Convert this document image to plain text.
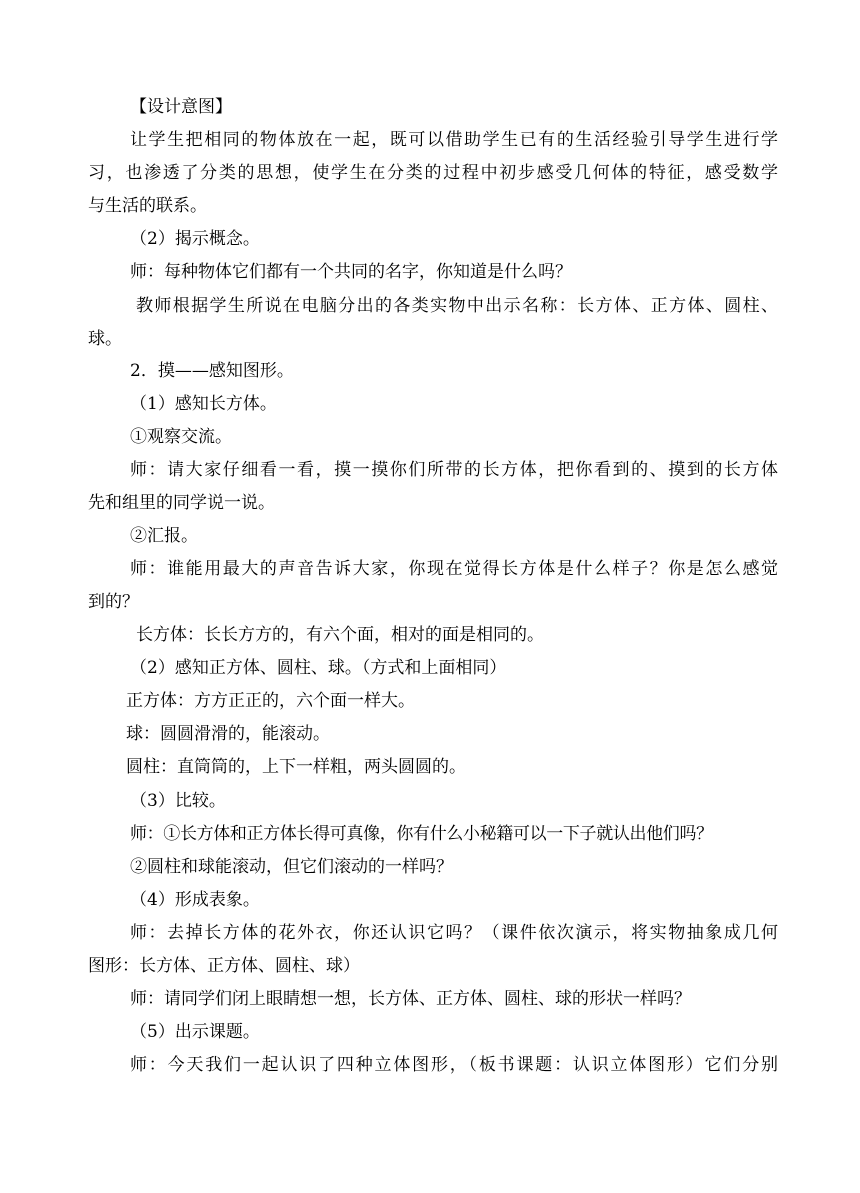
【设计意图】
让学生把相同的物体放在一起，既可以借助学生已有的生活经验引导学生进行学
习，也渗透了分类的思想，使学生在分类的过程中初步感受几何体的特征，感受数学
与生活的联系。
（2）揭示概念。
师：每种物体它们都有一个共同的名字，你知道是什么吗？
教师根据学生所说在电脑分出的各类实物中出示名称：长方体、正方体、圆柱、
球。
2．摸——感知图形。
（1）感知长方体。
①观察交流。
师：请大家仔细看一看，摸一摸你们所带的长方体，把你看到的、摸到的长方体
先和组里的同学说一说。
②汇报。
师：谁能用最大的声音告诉大家，你现在觉得长方体是什么样子？你是怎么感觉
到的？
长方体：长长方方的，有六个面，相对的面是相同的。
（2）感知正方体、圆柱、球。（方式和上面相同）
正方体：方方正正的，六个面一样大。
球：圆圆滑滑的，能滚动。
圆柱：直筒筒的，上下一样粗，两头圆圆的。
（3）比较。
师：①长方体和正方体长得可真像，你有什么小秘籍可以一下子就认出他们吗？
②圆柱和球能滚动，但它们滚动的一样吗？
（4）形成表象。
师：去掉长方体的花外衣，你还认识它吗？（课件依次演示，将实物抽象成几何
图形：长方体、正方体、圆柱、球）
师：请同学们闭上眼睛想一想，长方体、正方体、圆柱、球的形状一样吗？
（5）出示课题。
师：今天我们一起认识了四种立体图形，（板书课题：认识立体图形）它们分别
